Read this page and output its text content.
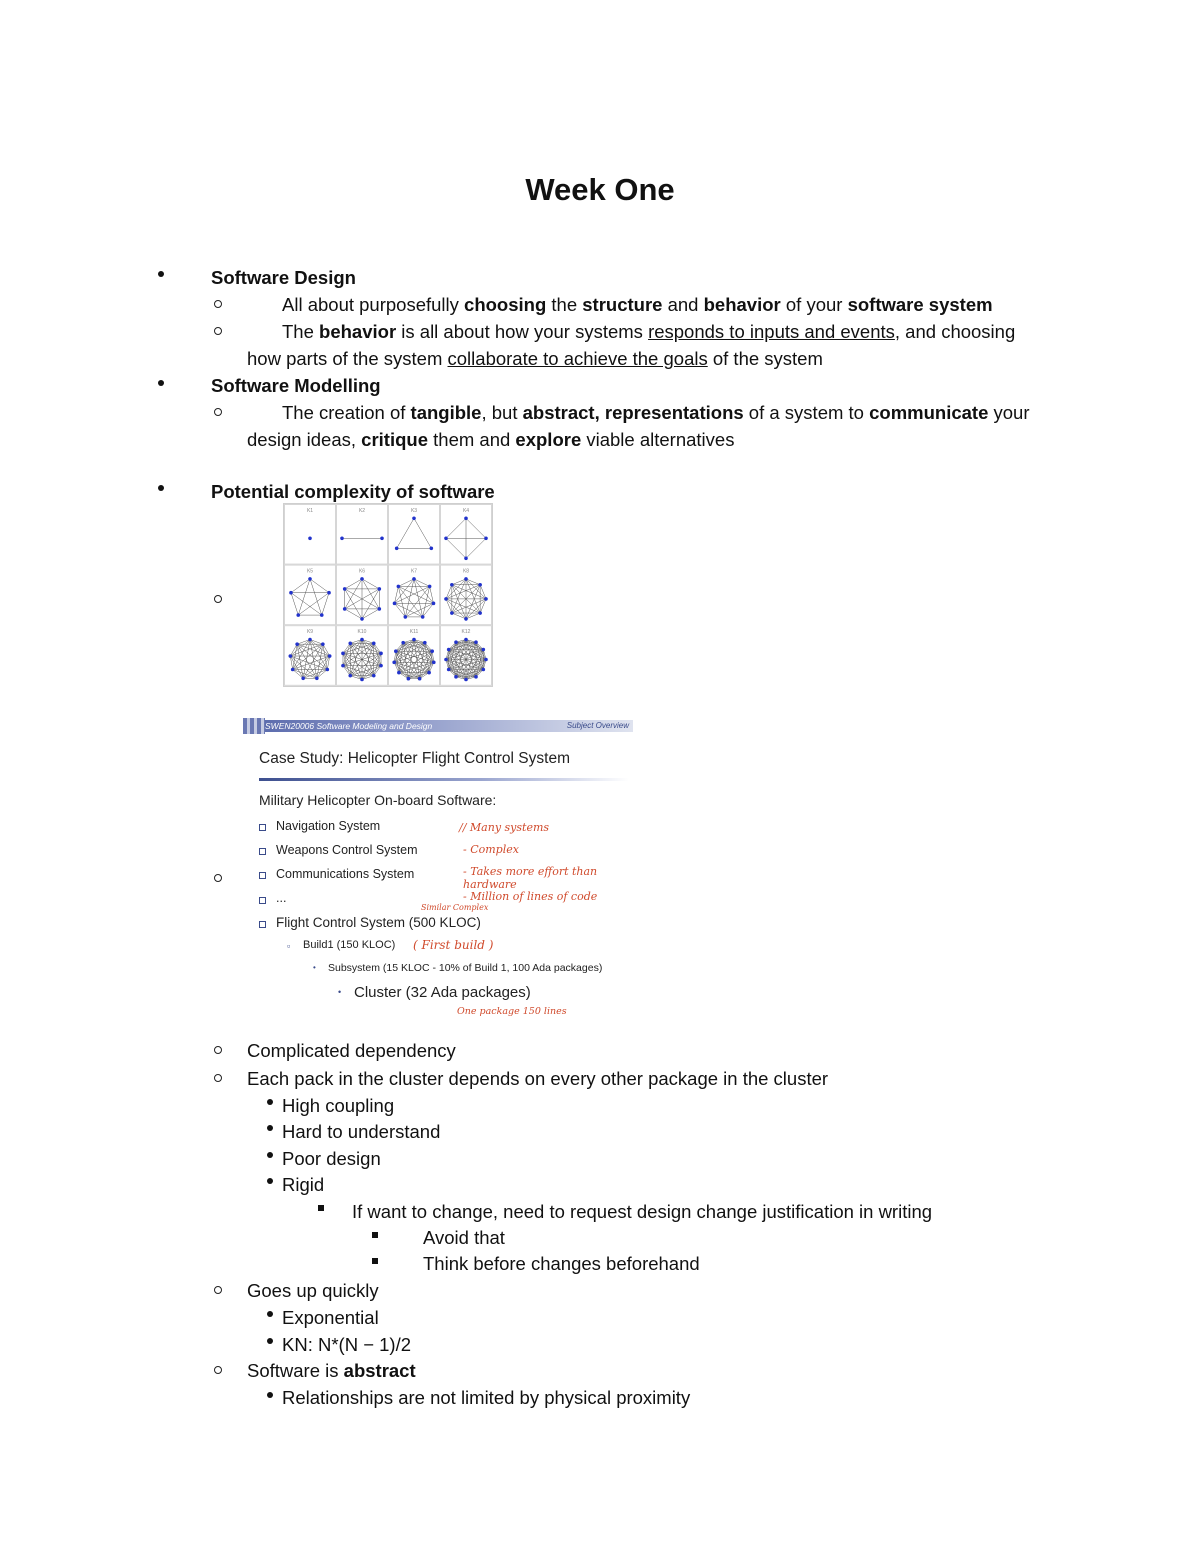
Week One
Software Design
All about purposefully choosing the structure and behavior of your software system
The behavior is all about how your systems responds to inputs and events, and choosing
how parts of the system collaborate to achieve the goals of the system
Software Modelling
The creation of tangible, but abstract, representations of a system to communicate your
design ideas, critique them and explore viable alternatives
Potential complexity of software
K1	K2	K3	K4
K5	K6	K7	K8
K9	K10	K11	K12
SWEN20006 Software Modeling and Design	Subject Overview
Case Study: Helicopter Flight Control System
Military Helicopter On-board Software:
Navigation System
Weapons Control System
Communications System
...
Flight Control System (500 KLOC)
▫ Build1 (150 KLOC)
• Subsystem (15 KLOC - 10% of Build 1, 100 Ada packages)
• Cluster (32 Ada packages)
// Many systems
- Complex
- Takes more effort than hardware
- Million of lines of code
Similar Complex
( First build )
One package 150 lines
Complicated dependency
Each pack in the cluster depends on every other package in the cluster
High coupling
Hard to understand
Poor design
Rigid
If want to change, need to request design change justification in writing
Avoid that
Think before changes beforehand
Goes up quickly
Exponential
KN: N*(N − 1)/2
Software is abstract
Relationships are not limited by physical proximity
